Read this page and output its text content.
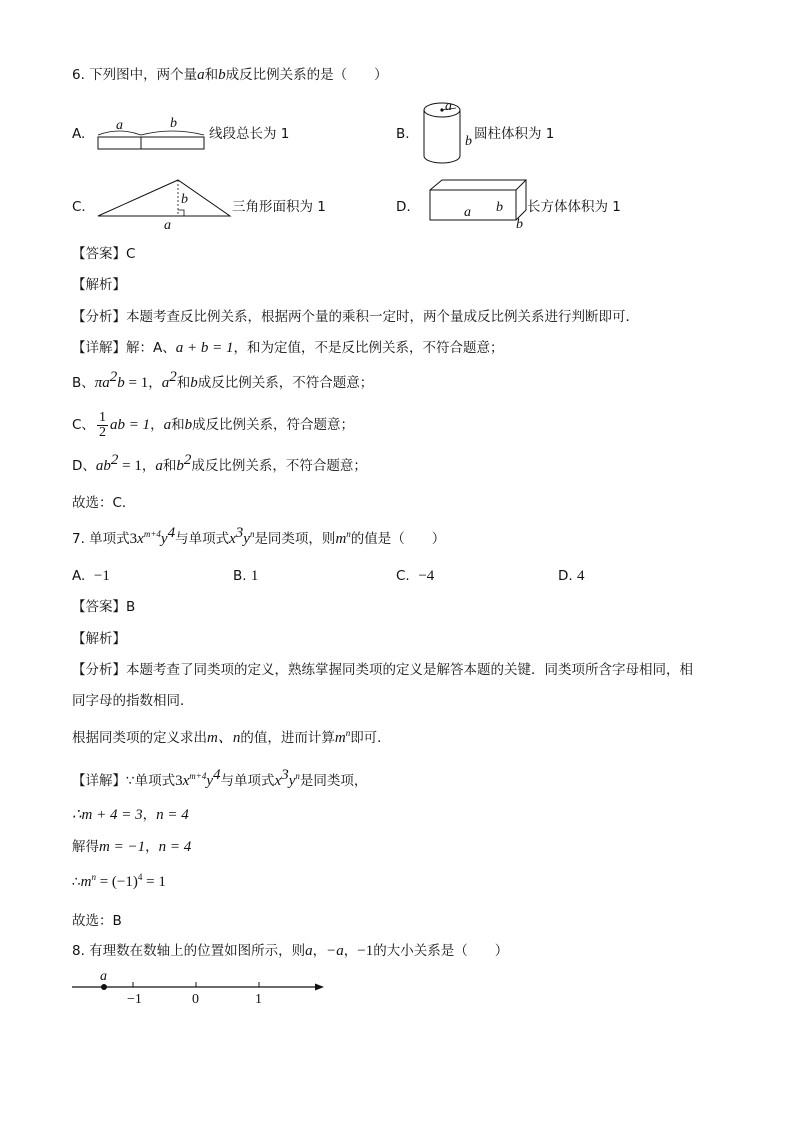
6. 下列图中，两个量a和b成反比例关系的是（　　）
A.
a	b
线段总长为 1	B.
a
b 圆柱体积为 1
C.	b
a
三角形面积为 1	D.	a b
b
长方体体积为 1
【答案】C
【解析】
【分析】本题考查反比例关系，根据两个量的乘积一定时，两个量成反比例关系进行判断即可．
【详解】解：A、a + b = 1，和为定值，不是反比例关系，不符合题意；
B、$\pi a^2b = 1$，$a^2$和b成反比例关系，不符合题意；
C、 $\frac{1}{2}$ ab = 1，a和b成反比例关系，符合题意；
D、$ab^2 = 1$，a和$b^2$成反比例关系，不符合题意；
故选：C．
7. 单项式$3x^{m+4}y^4$与单项式$x^3y^n$是同类项，则$m^n$的值是（　　）
A. −1	B. 1	C. −4	D. 4
【答案】B
【解析】
【分析】本题考查了同类项的定义，熟练掌握同类项的定义是解答本题的关键．同类项所含字母相同，相
同字母的指数相同．
根据同类项的定义求出m、n的值，进而计算$m^n$即可．
【详解】∵单项式$3x^{m+4}y^4$与单项式$x^3y^n$是同类项，
∴m + 4 = 3，n = 4
解得m = −1，n = 4
$\therefore m^n = (-1)^4 = 1$
故选：B
8. 有理数在数轴上的位置如图所示，则a，−a，−1的大小关系是（　　）
a
−1	0	1
